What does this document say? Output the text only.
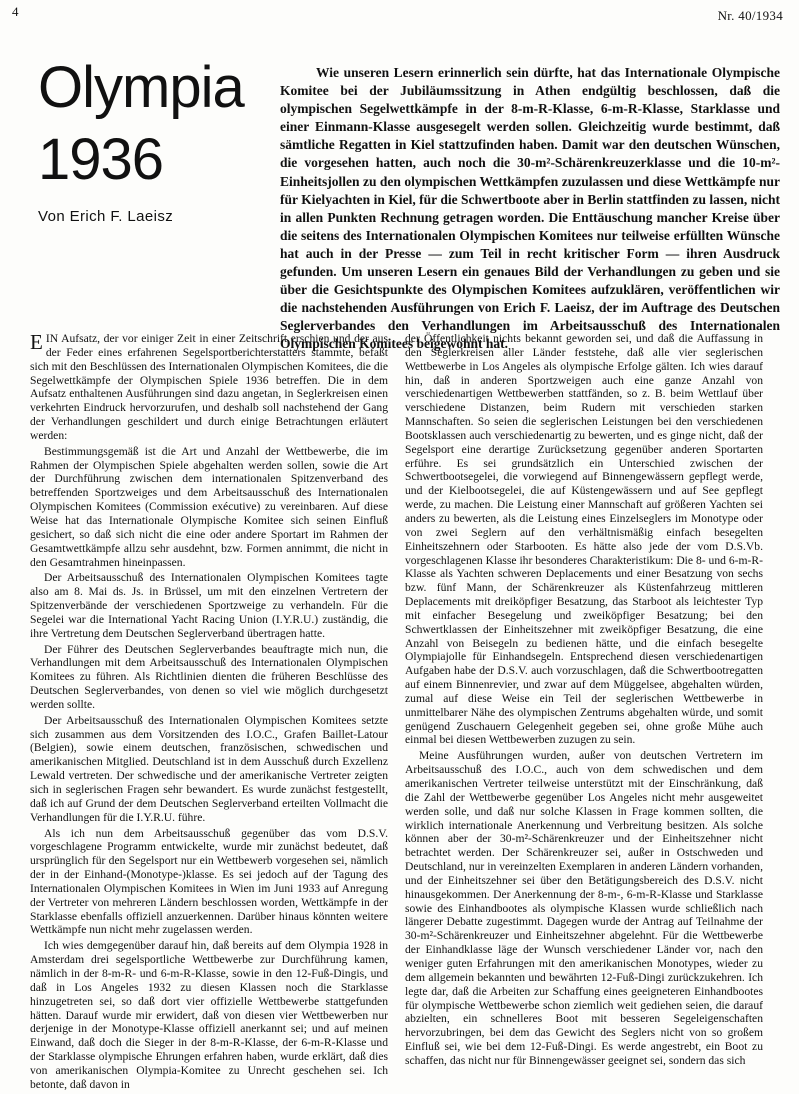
4	Nr. 40/1934
Olympia
1936
Von Erich F. Laeisz

Wie unseren Lesern erinnerlich sein dürfte, hat das Internationale Olympische Komitee bei der Jubiläumssitzung in Athen endgültig beschlossen, daß die olympischen Segelwettkämpfe in der 8-m-R-Klasse, 6-m-R-Klasse, Starklasse und einer Einmann-Klasse ausgesegelt werden sollen. Gleichzeitig wurde bestimmt, daß sämtliche Regatten in Kiel stattzufinden haben. Damit war den deutschen Wünschen, die vorgesehen hatten, auch noch die 30-m²-Schärenkreuzerklasse und die 10-m²-Einheitsjollen zu den olympischen Wettkämpfen zuzulassen und diese Wettkämpfe nur für Kielyachten in Kiel, für die Schwertboote aber in Berlin stattfinden zu lassen, nicht in allen Punkten Rechnung getragen worden. Die Enttäuschung mancher Kreise über die seitens des Internationalen Olympischen Komitees nur teilweise erfüllten Wünsche hat auch in der Presse — zum Teil in recht kritischer Form — ihren Ausdruck gefunden. Um unseren Lesern ein genaues Bild der Verhandlungen zu geben und sie über die Gesichtspunkte des Olympischen Komitees aufzuklären, veröffentlichen wir die nachstehenden Ausführungen von Erich F. Laeisz, der im Auftrage des Deutschen Seglerverbandes den Verhandlungen im Arbeitsausschuß des Internationalen Olympischen Komitees beigewohnt hat.

EIN Aufsatz, der vor einiger Zeit in einer Zeitschrift erschien und der aus der Feder eines erfahrenen Segelsportberichterstatters stammte, befaßt sich mit den Beschlüssen des Internationalen Olympischen Komitees, die die Segelwettkämpfe der Olympischen Spiele 1936 betreffen. Die in dem Aufsatz enthaltenen Ausführungen sind dazu angetan, in Seglerkreisen einen verkehrten Eindruck hervorzurufen, und deshalb soll nachstehend der Gang der Verhandlungen geschildert und durch einige Betrachtungen erläutert werden:

Bestimmungsgemäß ist die Art und Anzahl der Wettbewerbe, die im Rahmen der Olympischen Spiele abgehalten werden sollen, sowie die Art der Durchführung zwischen dem internationalen Spitzenverband des betreffenden Sportzweiges und dem Arbeitsausschuß des Internationalen Olympischen Komitees (Commission exécutive) zu vereinbaren. Auf diese Weise hat das Internationale Olympische Komitee sich seinen Einfluß gesichert, so daß sich nicht die eine oder andere Sportart im Rahmen der Gesamtwettkämpfe allzu sehr ausdehnt, bzw. Formen annimmt, die nicht in den Gesamtrahmen hineinpassen.

Der Arbeitsausschuß des Internationalen Olympischen Komitees tagte also am 8. Mai ds. Js. in Brüssel, um mit den einzelnen Vertretern der Spitzenverbände der verschiedenen Sportzweige zu verhandeln. Für die Segelei war die International Yacht Racing Union (I.Y.R.U.) zuständig, die ihre Vertretung dem Deutschen Seglerverband übertragen hatte.

Der Führer des Deutschen Seglerverbandes beauftragte mich nun, die Verhandlungen mit dem Arbeitsausschuß des Internationalen Olympischen Komitees zu führen. Als Richtlinien dienten die früheren Beschlüsse des Deutschen Seglerverbandes, von denen so viel wie möglich durchgesetzt werden sollte.

Der Arbeitsausschuß des Internationalen Olympischen Komitees setzte sich zusammen aus dem Vorsitzenden des I.O.C., Grafen Baillet-Latour (Belgien), sowie einem deutschen, französischen, schwedischen und amerikanischen Mitglied. Deutschland ist in dem Ausschuß durch Exzellenz Lewald vertreten. Der schwedische und der amerikanische Vertreter zeigten sich in seglerischen Fragen sehr bewandert. Es wurde zunächst festgestellt, daß ich auf Grund der dem Deutschen Seglerverband erteilten Vollmacht die Verhandlungen für die I.Y.R.U. führe.

Als ich nun dem Arbeitsausschuß gegenüber das vom D.S.V. vorgeschlagene Programm entwickelte, wurde mir zunächst bedeutet, daß ursprünglich für den Segelsport nur ein Wettbewerb vorgesehen sei, nämlich der in der Einhand-(Monotype-)klasse. Es sei jedoch auf der Tagung des Internationalen Olympischen Komitees in Wien im Juni 1933 auf Anregung der Vertreter von mehreren Ländern beschlossen worden, Wettkämpfe in der Starklasse ebenfalls offiziell anzuerkennen. Darüber hinaus könnten weitere Wettkämpfe nun nicht mehr zugelassen werden.

Ich wies demgegenüber darauf hin, daß bereits auf dem Olympia 1928 in Amsterdam drei segelsportliche Wettbewerbe zur Durchführung kamen, nämlich in der 8-m-R- und 6-m-R-Klasse, sowie in den 12-Fuß-Dingis, und daß in Los Angeles 1932 zu diesen Klassen noch die Starklasse hinzugetreten sei, so daß dort vier offizielle Wettbewerbe stattgefunden hätten. Darauf wurde mir erwidert, daß von diesen vier Wettbewerben nur derjenige in der Monotype-Klasse offiziell anerkannt sei; und auf meinen Einwand, daß doch die Sieger in der 8-m-R-Klasse, der 6-m-R-Klasse und der Starklasse olympische Ehrungen erfahren haben, wurde erklärt, daß dies von amerikanischen Olympia-Komitee zu Unrecht geschehen sei. Ich betonte, daß davon in

der Öffentlichkeit nichts bekannt geworden sei, und daß die Auffassung in den Seglerkreisen aller Länder feststehe, daß alle vier seglerischen Wettbewerbe in Los Angeles als olympische Erfolge gälten. Ich wies darauf hin, daß in anderen Sportzweigen auch eine ganze Anzahl von verschiedenartigen Wettbewerben stattfänden, so z. B. beim Wettlauf über verschiedene Distanzen, beim Rudern mit verschieden starken Mannschaften. So seien die seglerischen Leistungen bei den verschiedenen Bootsklassen auch verschiedenartig zu bewerten, und es ginge nicht, daß der Segelsport eine derartige Zurücksetzung gegenüber anderen Sportarten erführe. Es sei grundsätzlich ein Unterschied zwischen der Schwertbootsegelei, die vorwiegend auf Binnengewässern gepflegt werde, und der Kielbootsegelei, die auf Küstengewässern und auf See gepflegt werde, zu machen. Die Leistung einer Mannschaft auf größeren Yachten sei anders zu bewerten, als die Leistung eines Einzelseglers im Monotype oder von zwei Seglern auf den verhältnismäßig einfach besegelten Einheitszehnern oder Starbooten. Es hätte also jede der vom D.S.Vb. vorgeschlagenen Klasse ihr besonderes Charakteristikum: Die 8- und 6-m-R-Klasse als Yachten schweren Deplacements und einer Besatzung von sechs bzw. fünf Mann, der Schärenkreuzer als Küstenfahrzeug mittleren Deplacements mit dreiköpfiger Besatzung, das Starboot als leichtester Typ mit einfacher Besegelung und zweiköpfiger Besatzung; bei den Schwertklassen der Einheitszehner mit zweiköpfiger Besatzung, die eine Anzahl von Beisegeln zu bedienen hätte, und die einfach besegelte Olympiajolle für Einhandsegeln. Entsprechend diesen verschiedenartigen Aufgaben habe der D.S.V. auch vorzuschlagen, daß die Schwertbootregatten auf einem Binnenrevier, und zwar auf dem Müggelsee, abgehalten würden, zumal auf diese Weise ein Teil der seglerischen Wettbewerbe in unmittelbarer Nähe des olympischen Zentrums abgehalten würde, und somit genügend Zuschauern Gelegenheit gegeben sei, ohne große Mühe auch einmal bei diesen Wettbewerben zuzugen zu sein.

Meine Ausführungen wurden, außer von deutschen Vertretern im Arbeitsausschuß des I.O.C., auch von dem schwedischen und dem amerikanischen Vertreter teilweise unterstützt mit der Einschränkung, daß die Zahl der Wettbewerbe gegenüber Los Angeles nicht mehr ausgeweitet werden solle, und daß nur solche Klassen in Frage kommen sollten, die wirklich internationale Anerkennung und Verbreitung besitzen. Als solche können aber der 30-m²-Schärenkreuzer und der Einheitszehner nicht betrachtet werden. Der Schärenkreuzer sei, außer in Ostschweden und Deutschland, nur in vereinzelten Exemplaren in anderen Ländern vorhanden, und der Einheitszehner sei über den Betätigungsbereich des D.S.V. nicht hinausgekommen. Der Anerkennung der 8-m-, 6-m-R-Klasse und Starklasse sowie des Einhandbootes als olympische Klassen wurde schließlich nach längerer Debatte zugestimmt. Dagegen wurde der Antrag auf Teilnahme der 30-m²-Schärenkreuzer und Einheitszehner abgelehnt. Für die Wettbewerbe der Einhandklasse läge der Wunsch verschiedener Länder vor, nach den weniger guten Erfahrungen mit den amerikanischen Monotypes, wieder zu dem allgemein bekannten und bewährten 12-Fuß-Dingi zurückzukehren. Ich legte dar, daß die Arbeiten zur Schaffung eines geeigneteren Einhandbootes für olympische Wettbewerbe schon ziemlich weit gediehen seien, die darauf abzielten, ein schnelleres Boot mit besseren Segeleigenschaften hervorzubringen, bei dem das Gewicht des Seglers nicht von so großem Einfluß sei, wie bei dem 12-Fuß-Dingi. Es werde angestrebt, ein Boot zu schaffen, das nicht nur für Binnengewässer geeignet sei, sondern das sich
